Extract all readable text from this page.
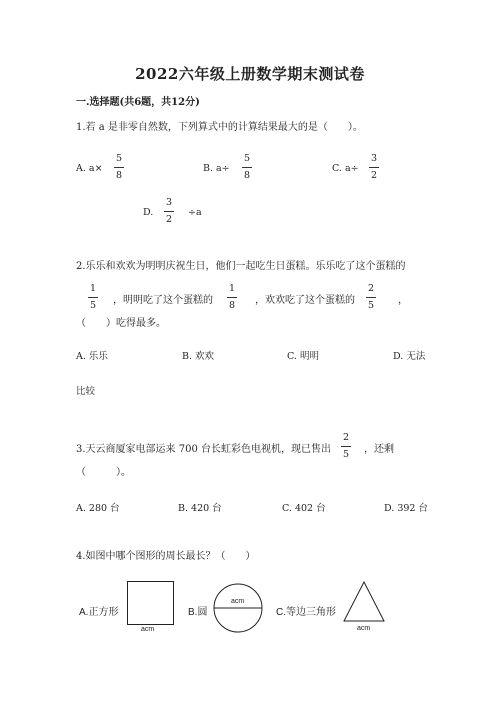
2022六年级上册数学期末测试卷
一.选择题(共6题，共12分)
1.若 a 是非零自然数，下列算式中的计算结果最大的是（　　）。
A. a×
5
8
B. a÷
5
8
C. a÷
3
2
D.
3
2
÷a
2.乐乐和欢欢为明明庆祝生日，他们一起吃生日蛋糕。乐乐吃了这个蛋糕的
1
5 ，明明吃了这个蛋糕的
1
8 ，欢欢吃了这个蛋糕的
2
5 ，
（　　）吃得最多。
A. 乐乐	B. 欢欢	C. 明明	D. 无法
比较
3.天云商厦家电部运来 700 台长虹彩色电视机，现已售出
2
5 ，还剩
（　　　）。
A. 280 台	B. 420 台	C. 402 台	D. 392 台
4.如图中哪个图形的周长最长？（　　）
A.正方形
acm
B.圆
acm
C.等边三角形
acm
